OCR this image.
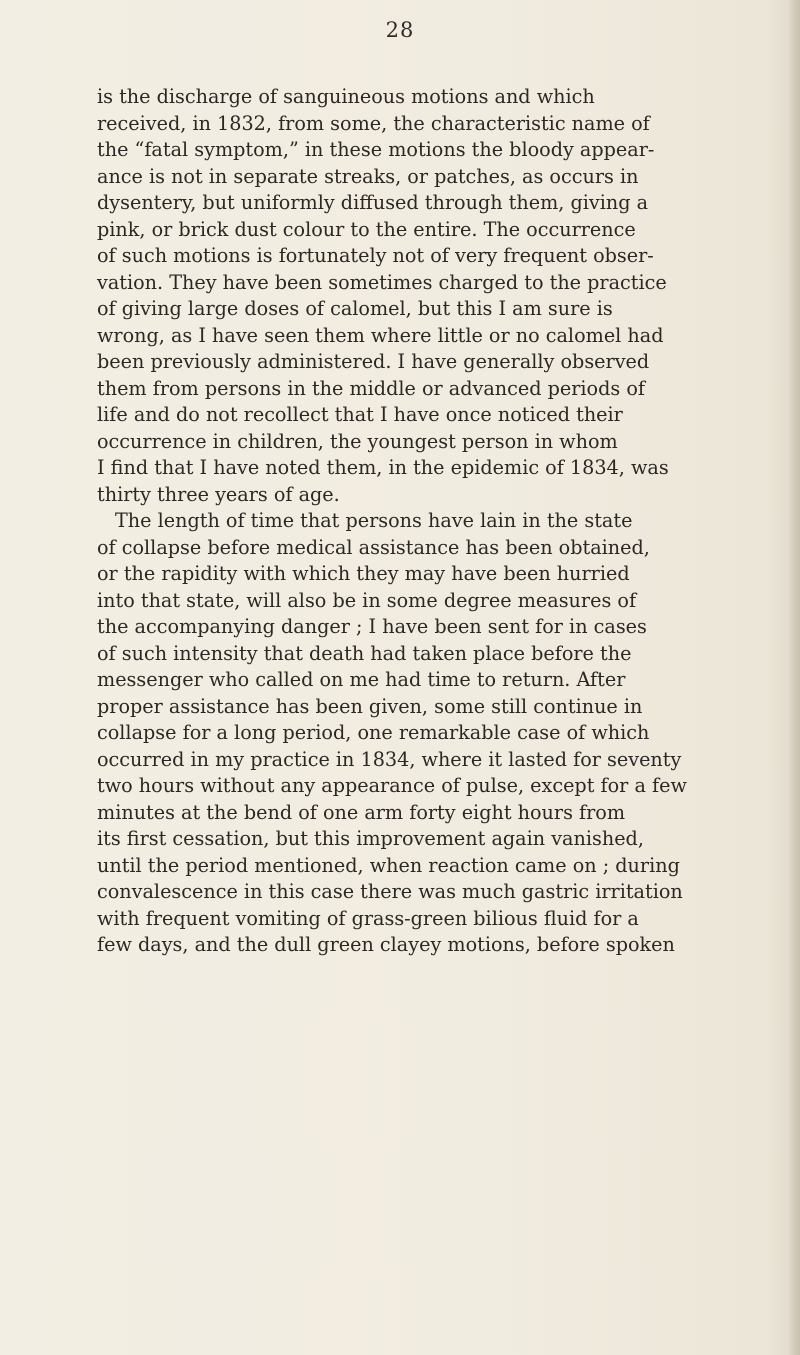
28
is the discharge of sanguineous motions and which
received, in 1832, from some, the characteristic name of
the “fatal symptom,” in these motions the bloody appear-
ance is not in separate streaks, or patches, as occurs in
dysentery, but uniformly diffused through them, giving a
pink, or brick dust colour to the entire. The occurrence
of such motions is fortunately not of very frequent obser-
vation. They have been sometimes charged to the practice
of giving large doses of calomel, but this I am sure is
wrong, as I have seen them where little or no calomel had
been previously administered. I have generally observed
them from persons in the middle or advanced periods of
life and do not recollect that I have once noticed their
occurrence in children, the youngest person in whom
I find that I have noted them, in the epidemic of 1834, was
thirty three years of age.
The length of time that persons have lain in the state
of collapse before medical assistance has been obtained,
or the rapidity with which they may have been hurried
into that state, will also be in some degree measures of
the accompanying danger ; I have been sent for in cases
of such intensity that death had taken place before the
messenger who called on me had time to return. After
proper assistance has been given, some still continue in
collapse for a long period, one remarkable case of which
occurred in my practice in 1834, where it lasted for seventy
two hours without any appearance of pulse, except for a few
minutes at the bend of one arm forty eight hours from
its first cessation, but this improvement again vanished,
until the period mentioned, when reaction came on ; during
convalescence in this case there was much gastric irritation
with frequent vomiting of grass-green bilious fluid for a
few days, and the dull green clayey motions, before spoken
